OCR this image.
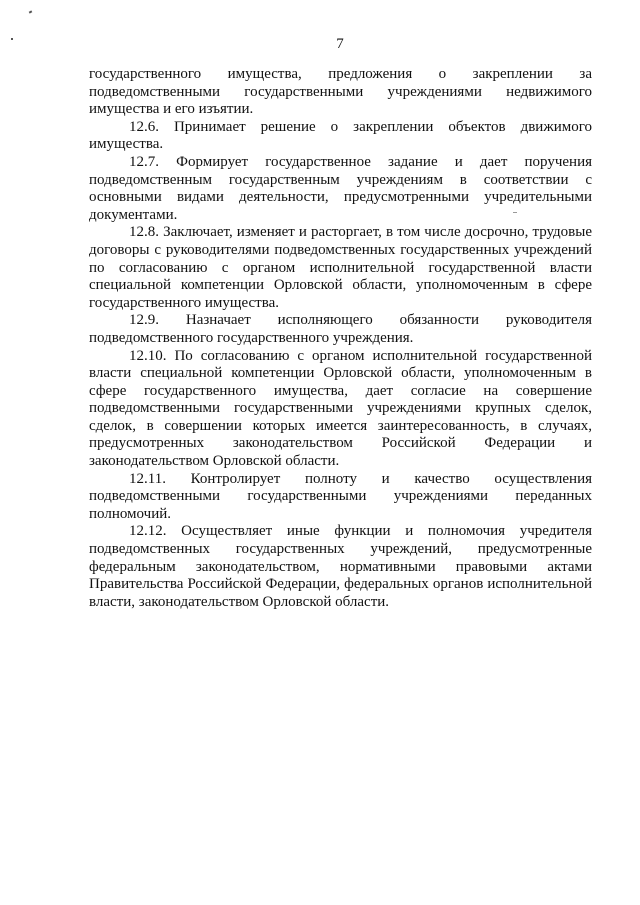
7

государственного имущества, предложения о закреплении за подведомственными государственными учреждениями недвижимого имущества и его изъятии.

12.6. Принимает решение о закреплении объектов движимого имущества.

12.7. Формирует государственное задание и дает поручения подведомственным государственным учреждениям в соответствии с основными видами деятельности, предусмотренными учредительными документами.

12.8. Заключает, изменяет и расторгает, в том числе досрочно, трудовые договоры с руководителями подведомственных государственных учреждений по согласованию с органом исполнительной государственной власти специальной компетенции Орловской области, уполномоченным в сфере государственного имущества.

12.9. Назначает исполняющего обязанности руководителя подведомственного государственного учреждения.

12.10. По согласованию с органом исполнительной государственной власти специальной компетенции Орловской области, уполномоченным в сфере государственного имущества, дает согласие на совершение подведомственными государственными учреждениями крупных сделок, сделок, в совершении которых имеется заинтересованность, в случаях, предусмотренных законодательством Российской Федерации и законодательством Орловской области.

12.11. Контролирует полноту и качество осуществления подведомственными государственными учреждениями переданных полномочий.

12.12. Осуществляет иные функции и полномочия учредителя подведомственных государственных учреждений, предусмотренные федеральным законодательством, нормативными правовыми актами Правительства Российской Федерации, федеральных органов исполнительной власти, законодательством Орловской области.
